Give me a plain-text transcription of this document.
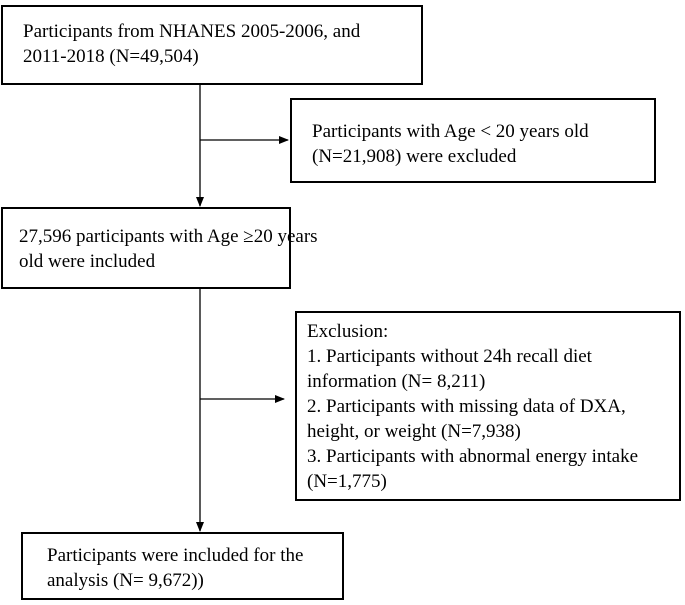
Participants from NHANES 2005-2006, and
2011-2018 (N=49,504)
Participants with Age < 20 years old
(N=21,908) were excluded
27,596 participants with Age ≥20 years
old were included
Exclusion:
1. Participants without 24h recall diet
information (N= 8,211)
2. Participants with missing data of DXA,
height, or weight (N=7,938)
3. Participants with abnormal energy intake
(N=1,775)
Participants were included for the
analysis (N= 9,672))
